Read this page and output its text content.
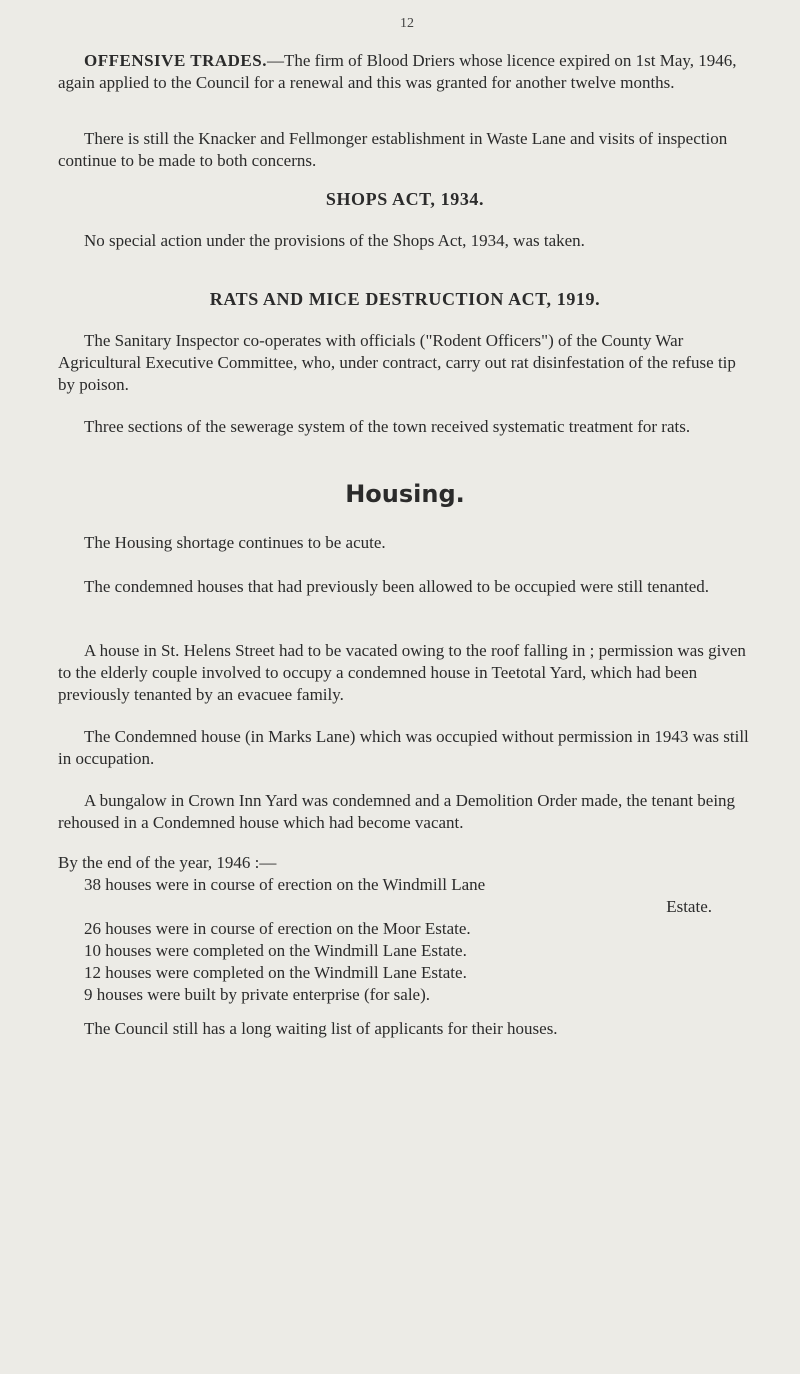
12

OFFENSIVE TRADES.—The firm of Blood Driers whose licence expired on 1st May, 1946, again applied to the Council for a renewal and this was granted for another twelve months.

There is still the Knacker and Fellmonger establishment in Waste Lane and visits of inspection continue to be made to both concerns.

SHOPS ACT, 1934.

No special action under the provisions of the Shops Act, 1934, was taken.

RATS AND MICE DESTRUCTION ACT, 1919.

The Sanitary Inspector co-operates with officials ("Rodent Officers") of the County War Agricultural Executive Committee, who, under contract, carry out rat disinfestation of the refuse tip by poison.

Three sections of the sewerage system of the town received systematic treatment for rats.

Housing.

The Housing shortage continues to be acute.

The condemned houses that had previously been allowed to be occupied were still tenanted.

A house in St. Helens Street had to be vacated owing to the roof falling in ; permission was given to the elderly couple involved to occupy a condemned house in Teetotal Yard, which had been previously tenanted by an evacuee family.

The Condemned house (in Marks Lane) which was occupied without permission in 1943 was still in occupation.

A bungalow in Crown Inn Yard was condemned and a Demolition Order made, the tenant being rehoused in a Condemned house which had become vacant.

By the end of the year, 1946 :—

38 houses were in course of erection on the Windmill Lane
Estate.
26 houses were in course of erection on the Moor Estate.
10 houses were completed on the Windmill Lane Estate.
12 houses were completed on the Windmill Lane Estate.
9 houses were built by private enterprise (for sale).

The Council still has a long waiting list of applicants for their houses.
